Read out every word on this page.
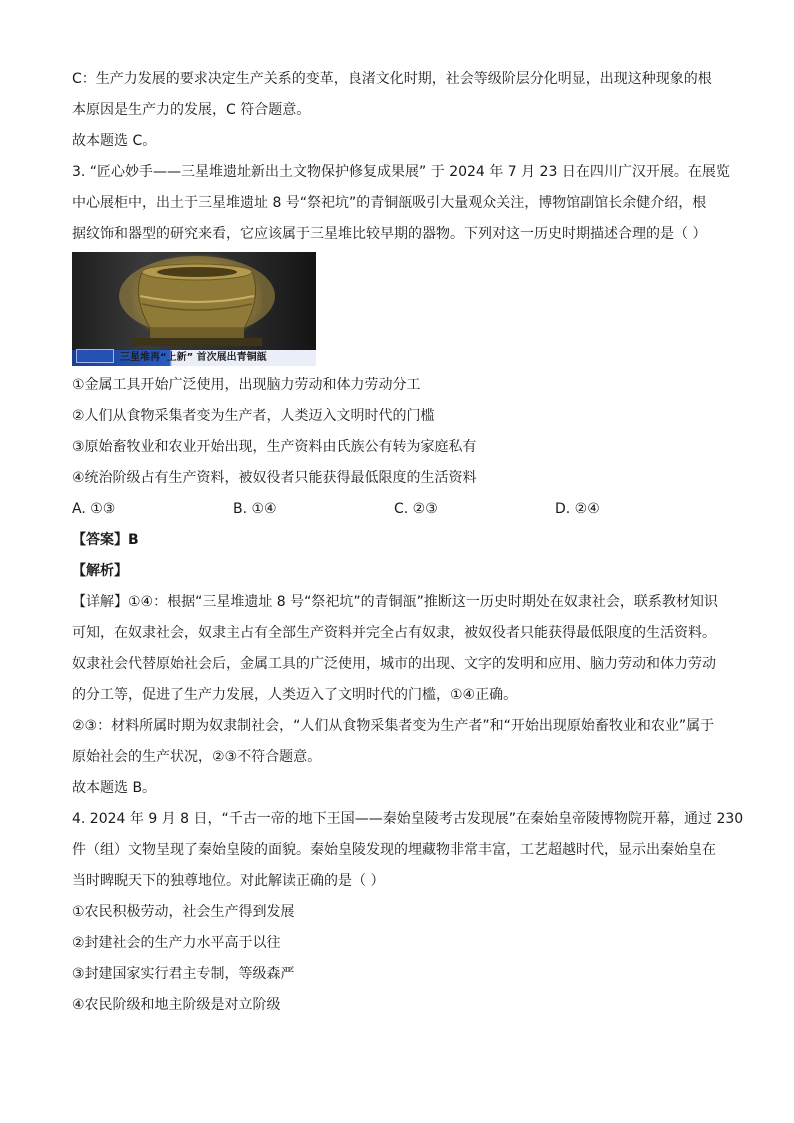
C：生产力发展的要求决定生产关系的变革，良渚文化时期，社会等级阶层分化明显，出现这种现象的根
本原因是生产力的发展，C 符合题意。
故本题选 C。
3. “匠心妙手——三星堆遗址新出土文物保护修复成果展” 于 2024 年 7 月 23 日在四川广汉开展。在展览
中心展柜中，出土于三星堆遗址 8 号“祭祀坑”的青铜瓿吸引大量观众关注，博物馆副馆长余健介绍，根
据纹饰和器型的研究来看，它应该属于三星堆比较早期的器物。下列对这一历史时期描述合理的是（ ）
三星堆再“上新” 首次展出青铜瓿
①金属工具开始广泛使用，出现脑力劳动和体力劳动分工
②人们从食物采集者变为生产者，人类迈入文明时代的门槛
③原始畜牧业和农业开始出现，生产资料由氏族公有转为家庭私有
④统治阶级占有生产资料，被奴役者只能获得最低限度的生活资料
A. ①③	B. ①④	C. ②③	D. ②④
【答案】B
【解析】
【详解】①④：根据“三星堆遗址 8 号“祭祀坑”的青铜瓿”推断这一历史时期处在奴隶社会，联系教材知识
可知，在奴隶社会，奴隶主占有全部生产资料并完全占有奴隶，被奴役者只能获得最低限度的生活资料。
奴隶社会代替原始社会后，金属工具的广泛使用，城市的出现、文字的发明和应用、脑力劳动和体力劳动
的分工等，促进了生产力发展，人类迈入了文明时代的门槛，①④正确。
②③：材料所属时期为奴隶制社会，“人们从食物采集者变为生产者”和“开始出现原始畜牧业和农业”属于
原始社会的生产状况，②③不符合题意。
故本题选 B。
4. 2024 年 9 月 8 日，“千古一帝的地下王国——秦始皇陵考古发现展”在秦始皇帝陵博物院开幕，通过 230
件（组）文物呈现了秦始皇陵的面貌。秦始皇陵发现的埋藏物非常丰富，工艺超越时代，显示出秦始皇在
当时睥睨天下的独尊地位。对此解读正确的是（ ）
①农民积极劳动，社会生产得到发展
②封建社会的生产力水平高于以往
③封建国家实行君主专制，等级森严
④农民阶级和地主阶级是对立阶级
